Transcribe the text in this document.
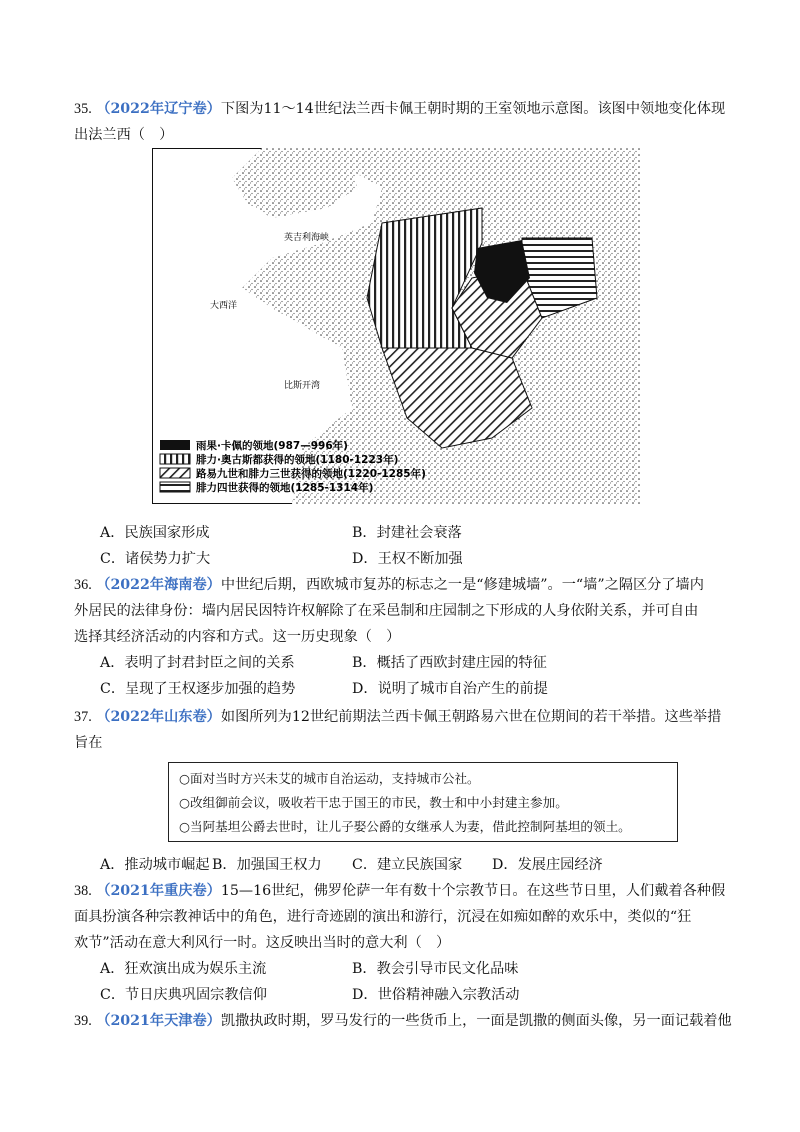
35. （2022年辽宁卷）下图为11～14世纪法兰西卡佩王朝时期的王室领地示意图。该图中领地变化体现
出法兰西（　）
英吉利海峡
大西洋
比斯开湾
雨果·卡佩的领地(987—996年)
腓力·奥古斯都获得的领地(1180-1223年)
路易九世和腓力三世获得的领地(1220-1285年)
腓力四世获得的领地(1285-1314年)
A．民族国家形成	B．封建社会衰落
C．诸侯势力扩大	D．王权不断加强
36. （2022年海南卷）中世纪后期，西欧城市复苏的标志之一是“修建城墙”。一“墙”之隔区分了墙内
外居民的法律身份：墙内居民因特许权解除了在采邑制和庄园制之下形成的人身依附关系，并可自由
选择其经济活动的内容和方式。这一历史现象（　）
A．表明了封君封臣之间的关系	B．概括了西欧封建庄园的特征
C．呈现了王权逐步加强的趋势	D．说明了城市自治产生的前提
37. （2022年山东卷）如图所列为12世纪前期法兰西卡佩王朝路易六世在位期间的若干举措。这些举措
旨在
○面对当时方兴未艾的城市自治运动，支持城市公社。
○改组御前会议，吸收若干忠于国王的市民，教士和中小封建主参加。
○当阿基坦公爵去世时，让儿子娶公爵的女继承人为妻，借此控制阿基坦的领土。
A．推动城市崛起 B．加强国王权力 C．建立民族国家 D．发展庄园经济
38. （2021年重庆卷）15—16世纪，佛罗伦萨一年有数十个宗教节日。在这些节日里，人们戴着各种假
面具扮演各种宗教神话中的角色，进行奇迹剧的演出和游行，沉浸在如痴如醉的欢乐中，类似的“狂
欢节”活动在意大利风行一时。这反映出当时的意大利（　）
A．狂欢演出成为娱乐主流	B．教会引导市民文化品味
C．节日庆典巩固宗教信仰	D．世俗精神融入宗教活动
39. （2021年天津卷）凯撒执政时期，罗马发行的一些货币上，一面是凯撒的侧面头像，另一面记载着他
